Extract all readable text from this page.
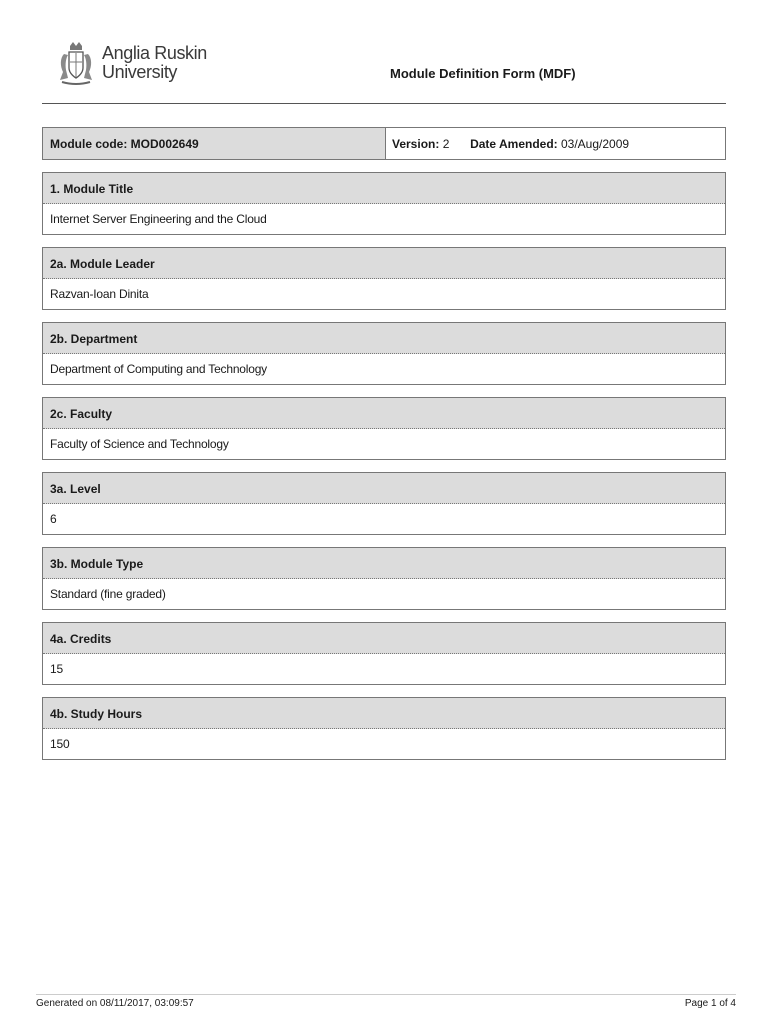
Anglia Ruskin
University	Module Definition Form (MDF)
Module code: MOD002649	Version: 2 Date Amended: 03/Aug/2009
1. Module Title
Internet Server Engineering and the Cloud
2a. Module Leader
Razvan-Ioan Dinita
2b. Department
Department of Computing and Technology
2c. Faculty
Faculty of Science and Technology
3a. Level
6
3b. Module Type
Standard (fine graded)
4a. Credits
15
4b. Study Hours
150
Generated on 08/11/2017, 03:09:57	Page 1 of 4
